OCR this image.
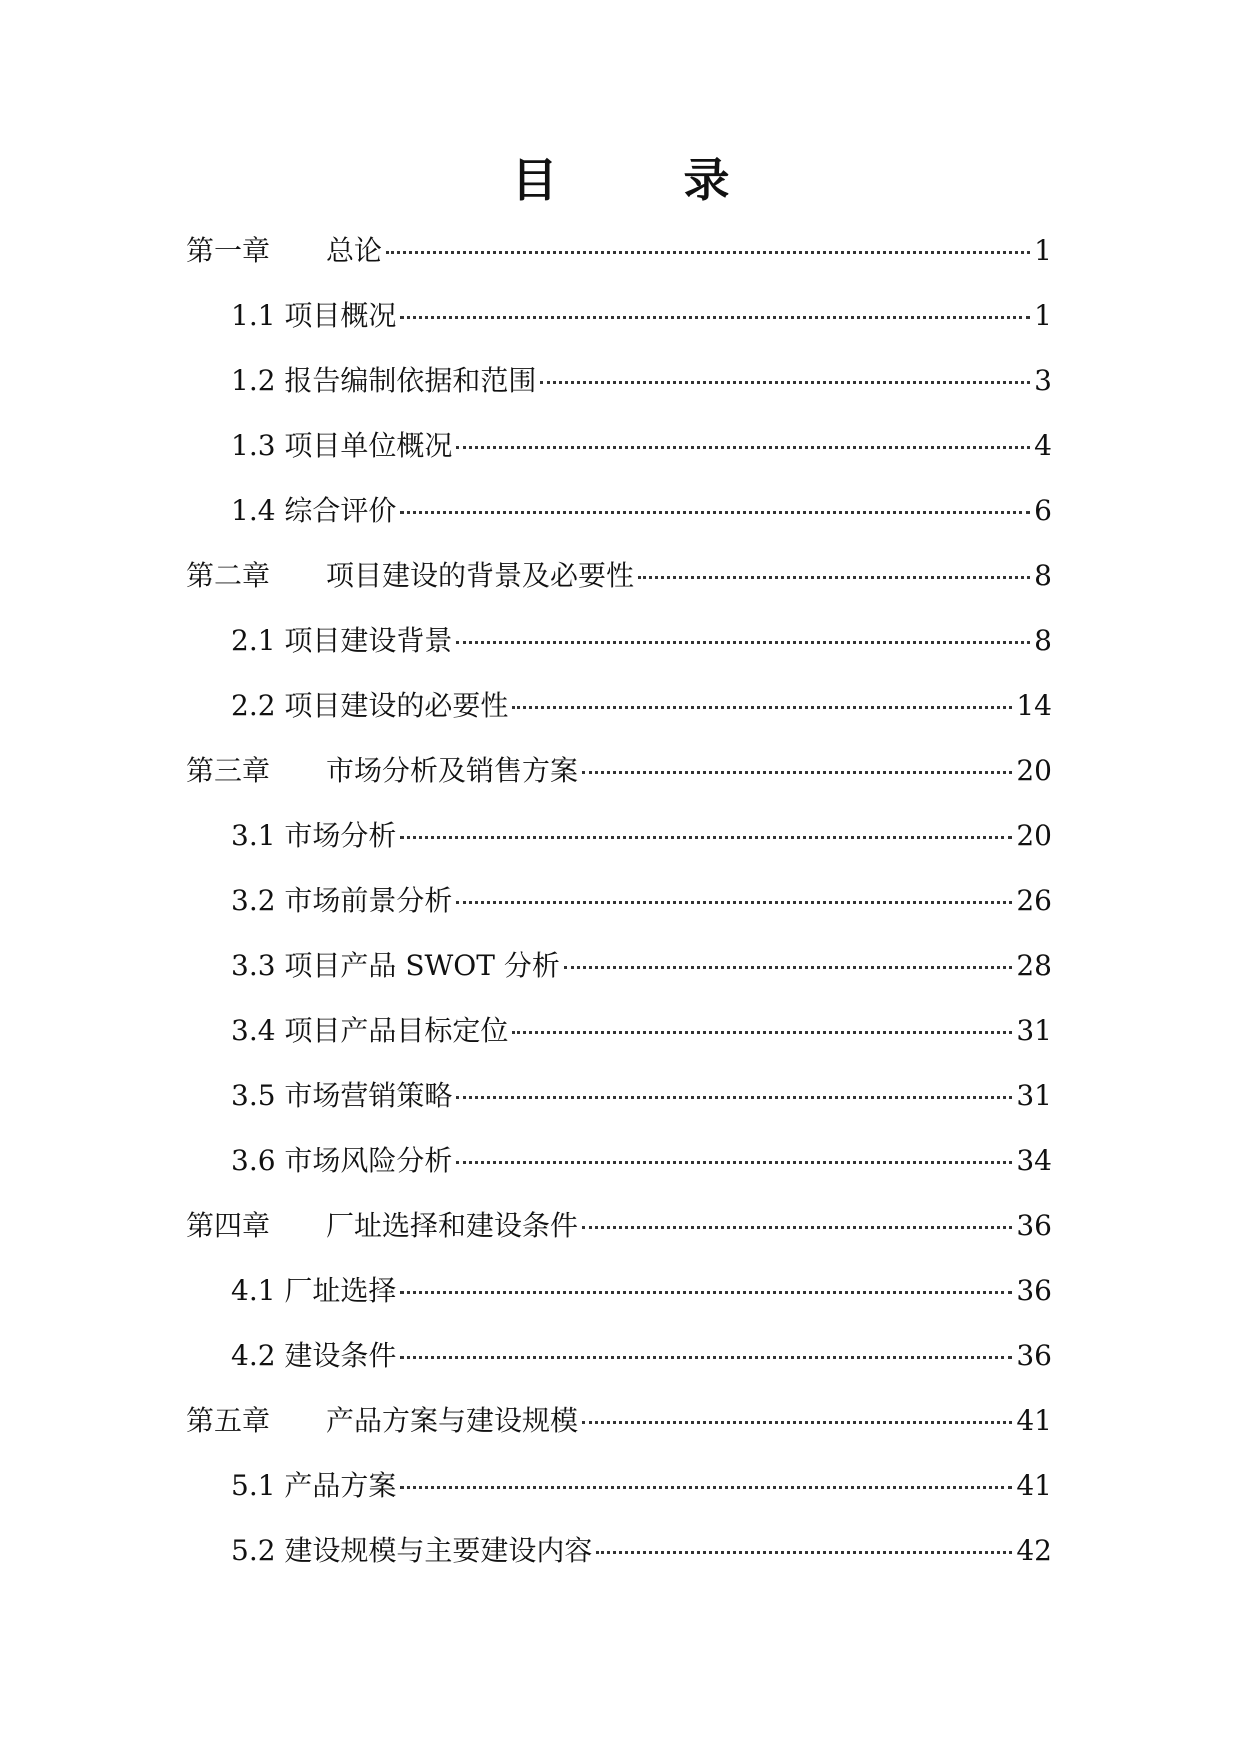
目　录
第一章	总论	1
1.1 项目概况	1
1.2 报告编制依据和范围	3
1.3 项目单位概况	4
1.4 综合评价	6
第二章	项目建设的背景及必要性	8
2.1 项目建设背景	8
2.2 项目建设的必要性	14
第三章	市场分析及销售方案	20
3.1 市场分析	20
3.2 市场前景分析	26
3.3 项目产品 SWOT 分析	28
3.4 项目产品目标定位	31
3.5 市场营销策略	31
3.6 市场风险分析	34
第四章	厂址选择和建设条件	36
4.1 厂址选择	36
4.2 建设条件	36
第五章	产品方案与建设规模	41
5.1 产品方案	41
5.2 建设规模与主要建设内容	42
